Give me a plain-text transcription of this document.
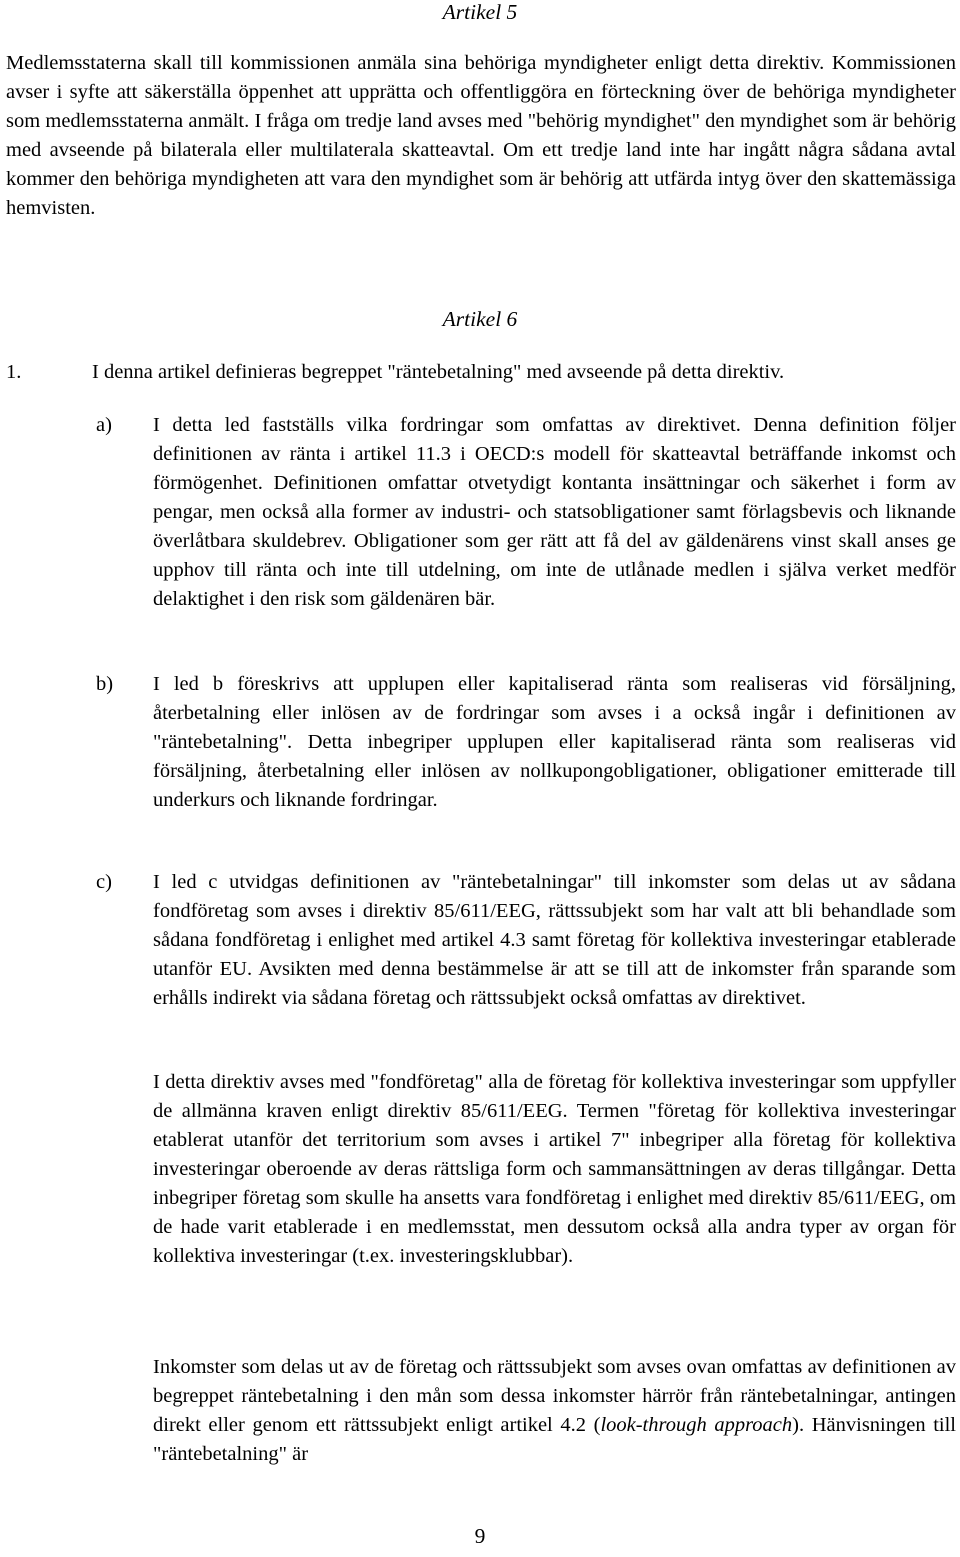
Artikel 5

Medlemsstaterna skall till kommissionen anmäla sina behöriga myndigheter enligt detta direktiv. Kommissionen avser i syfte att säkerställa öppenhet att upprätta och offentliggöra en förteckning över de behöriga myndigheter som medlemsstaterna anmält. I fråga om tredje land avses med "behörig myndighet" den myndighet som är behörig med avseende på bilaterala eller multilaterala skatteavtal. Om ett tredje land inte har ingått några sådana avtal kommer den behöriga myndigheten att vara den myndighet som är behörig att utfärda intyg över den skattemässiga hemvisten.

Artikel 6
1.	I denna artikel definieras begreppet "räntebetalning" med avseende på detta direktiv.
a) I detta led fastställs vilka fordringar som omfattas av direktivet. Denna definition följer definitionen av ränta i artikel 11.3 i OECD:s modell för skatteavtal beträffande inkomst och förmögenhet. Definitionen omfattar otvetydigt kontanta insättningar och säkerhet i form av pengar, men också alla former av industri- och statsobligationer samt förlagsbevis och liknande överlåtbara skuldebrev. Obligationer som ger rätt att få del av gäldenärens vinst skall anses ge upphov till ränta och inte till utdelning, om inte de utlånade medlen i själva verket medför delaktighet i den risk som gäldenären bär.

b) I led b föreskrivs att upplupen eller kapitaliserad ränta som realiseras vid försäljning, återbetalning eller inlösen av de fordringar som avses i a också ingår i definitionen av "räntebetalning". Detta inbegriper upplupen eller kapitaliserad ränta som realiseras vid försäljning, återbetalning eller inlösen av nollkupongobligationer, obligationer emitterade till underkurs och liknande fordringar.

c) I led c utvidgas definitionen av "räntebetalningar" till inkomster som delas ut av sådana fondföretag som avses i direktiv 85/611/EEG, rättssubjekt som har valt att bli behandlade som sådana fondföretag i enlighet med artikel 4.3 samt företag för kollektiva investeringar etablerade utanför EU. Avsikten med denna bestämmelse är att se till att de inkomster från sparande som erhålls indirekt via sådana företag och rättssubjekt också omfattas av direktivet.

I detta direktiv avses med "fondföretag" alla de företag för kollektiva investeringar som uppfyller de allmänna kraven enligt direktiv 85/611/EEG. Termen "företag för kollektiva investeringar etablerat utanför det territorium som avses i artikel 7" inbegriper alla företag för kollektiva investeringar oberoende av deras rättsliga form och sammansättningen av deras tillgångar. Detta inbegriper företag som skulle ha ansetts vara fondföretag i enlighet med direktiv 85/611/EEG, om de hade varit etablerade i en medlemsstat, men dessutom också alla andra typer av organ för kollektiva investeringar (t.ex. investeringsklubbar).

Inkomster som delas ut av de företag och rättssubjekt som avses ovan omfattas av definitionen av begreppet räntebetalning i den mån som dessa inkomster härrör från räntebetalningar, antingen direkt eller genom ett rättssubjekt enligt artikel 4.2 (look-through approach). Hänvisningen till "räntebetalning" är

9
